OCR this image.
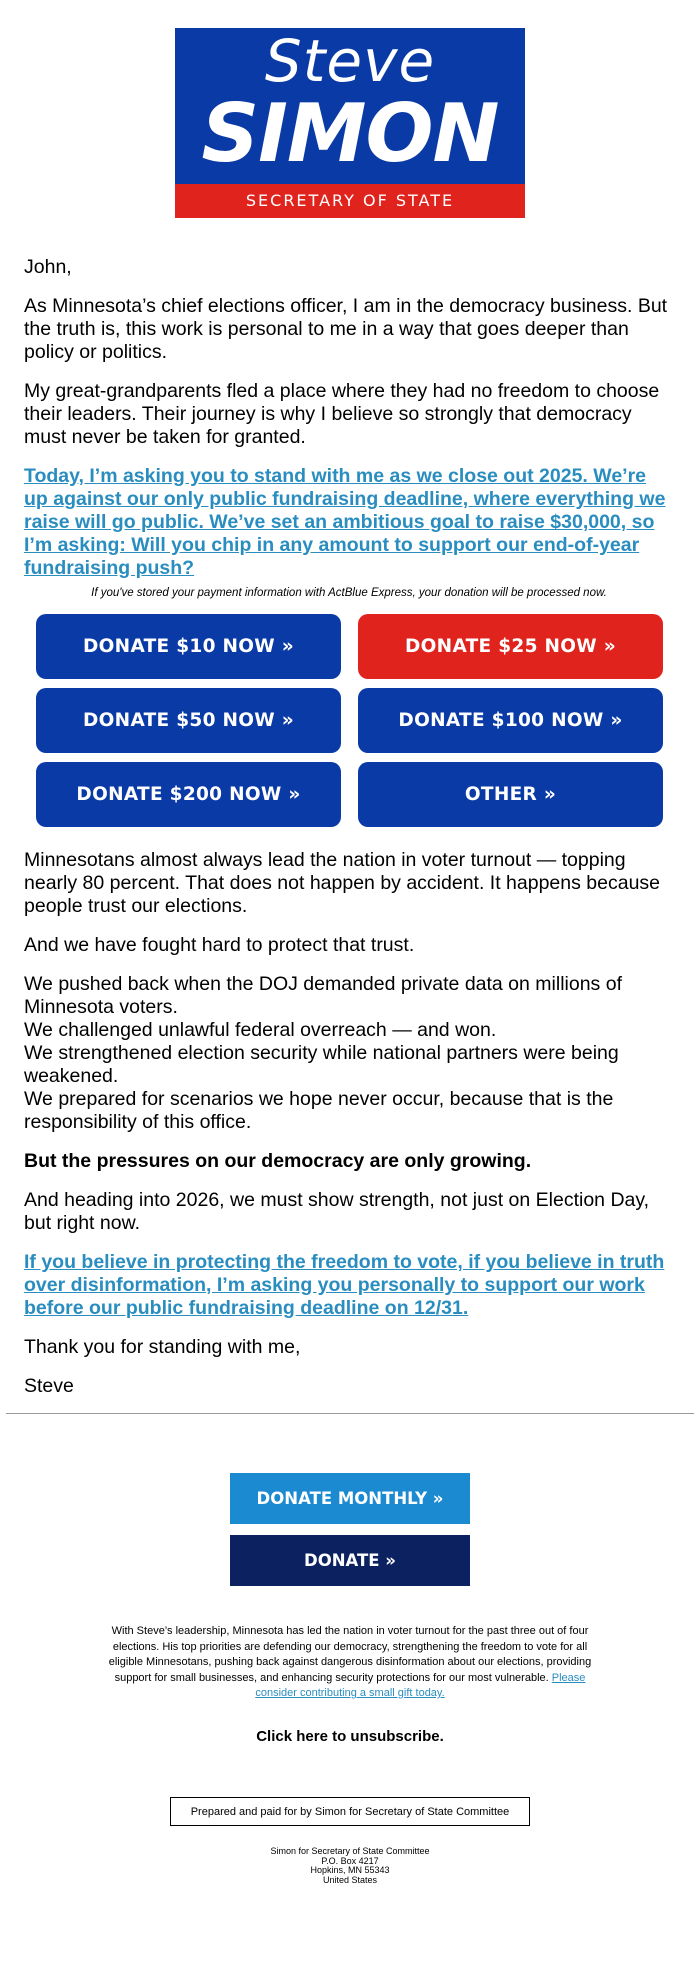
Steve
SIMON
SECRETARY OF STATE

John,

As Minnesota’s chief elections officer, I am in the democracy business. But the truth is, this work is personal to me in a way that goes deeper than policy or politics.

My great-grandparents fled a place where they had no freedom to choose their leaders. Their journey is why I believe so strongly that democracy must never be taken for granted.

Today, I’m asking you to stand with me as we close out 2025. We’re up against our only public fundraising deadline, where everything we raise will go public. We’ve set an ambitious goal to raise $30,000, so I’m asking: Will you chip in any amount to support our end-of-year fundraising push?

If you've stored your payment information with ActBlue Express, your donation will be processed now.
DONATE $10 NOW »	DONATE $25 NOW »
DONATE $50 NOW »	DONATE $100 NOW »
DONATE $200 NOW »	OTHER »

Minnesotans almost always lead the nation in voter turnout — topping nearly 80 percent. That does not happen by accident. It happens because people trust our elections.

And we have fought hard to protect that trust.

We pushed back when the DOJ demanded private data on millions of Minnesota voters.

We challenged unlawful federal overreach — and won.

We strengthened election security while national partners were being weakened.

We prepared for scenarios we hope never occur, because that is the responsibility of this office.

But the pressures on our democracy are only growing.

And heading into 2026, we must show strength, not just on Election Day, but right now.

If you believe in protecting the freedom to vote, if you believe in truth over disinformation, I’m asking you personally to support our work before our public fundraising deadline on 12/31.

Thank you for standing with me,

Steve

DONATE MONTHLY »
DONATE »
With Steve’s leadership, Minnesota has led the nation in voter turnout for the past three out of four elections. His top priorities are defending our democracy, strengthening the freedom to vote for all eligible Minnesotans, pushing back against dangerous disinformation about our elections, providing support for small businesses, and enhancing security protections for our most vulnerable. Please consider contributing a small gift today.
Click here to unsubscribe.
Prepared and paid for by Simon for Secretary of State Committee
Simon for Secretary of State Committee
P.O. Box 4217
Hopkins, MN 55343
United States
